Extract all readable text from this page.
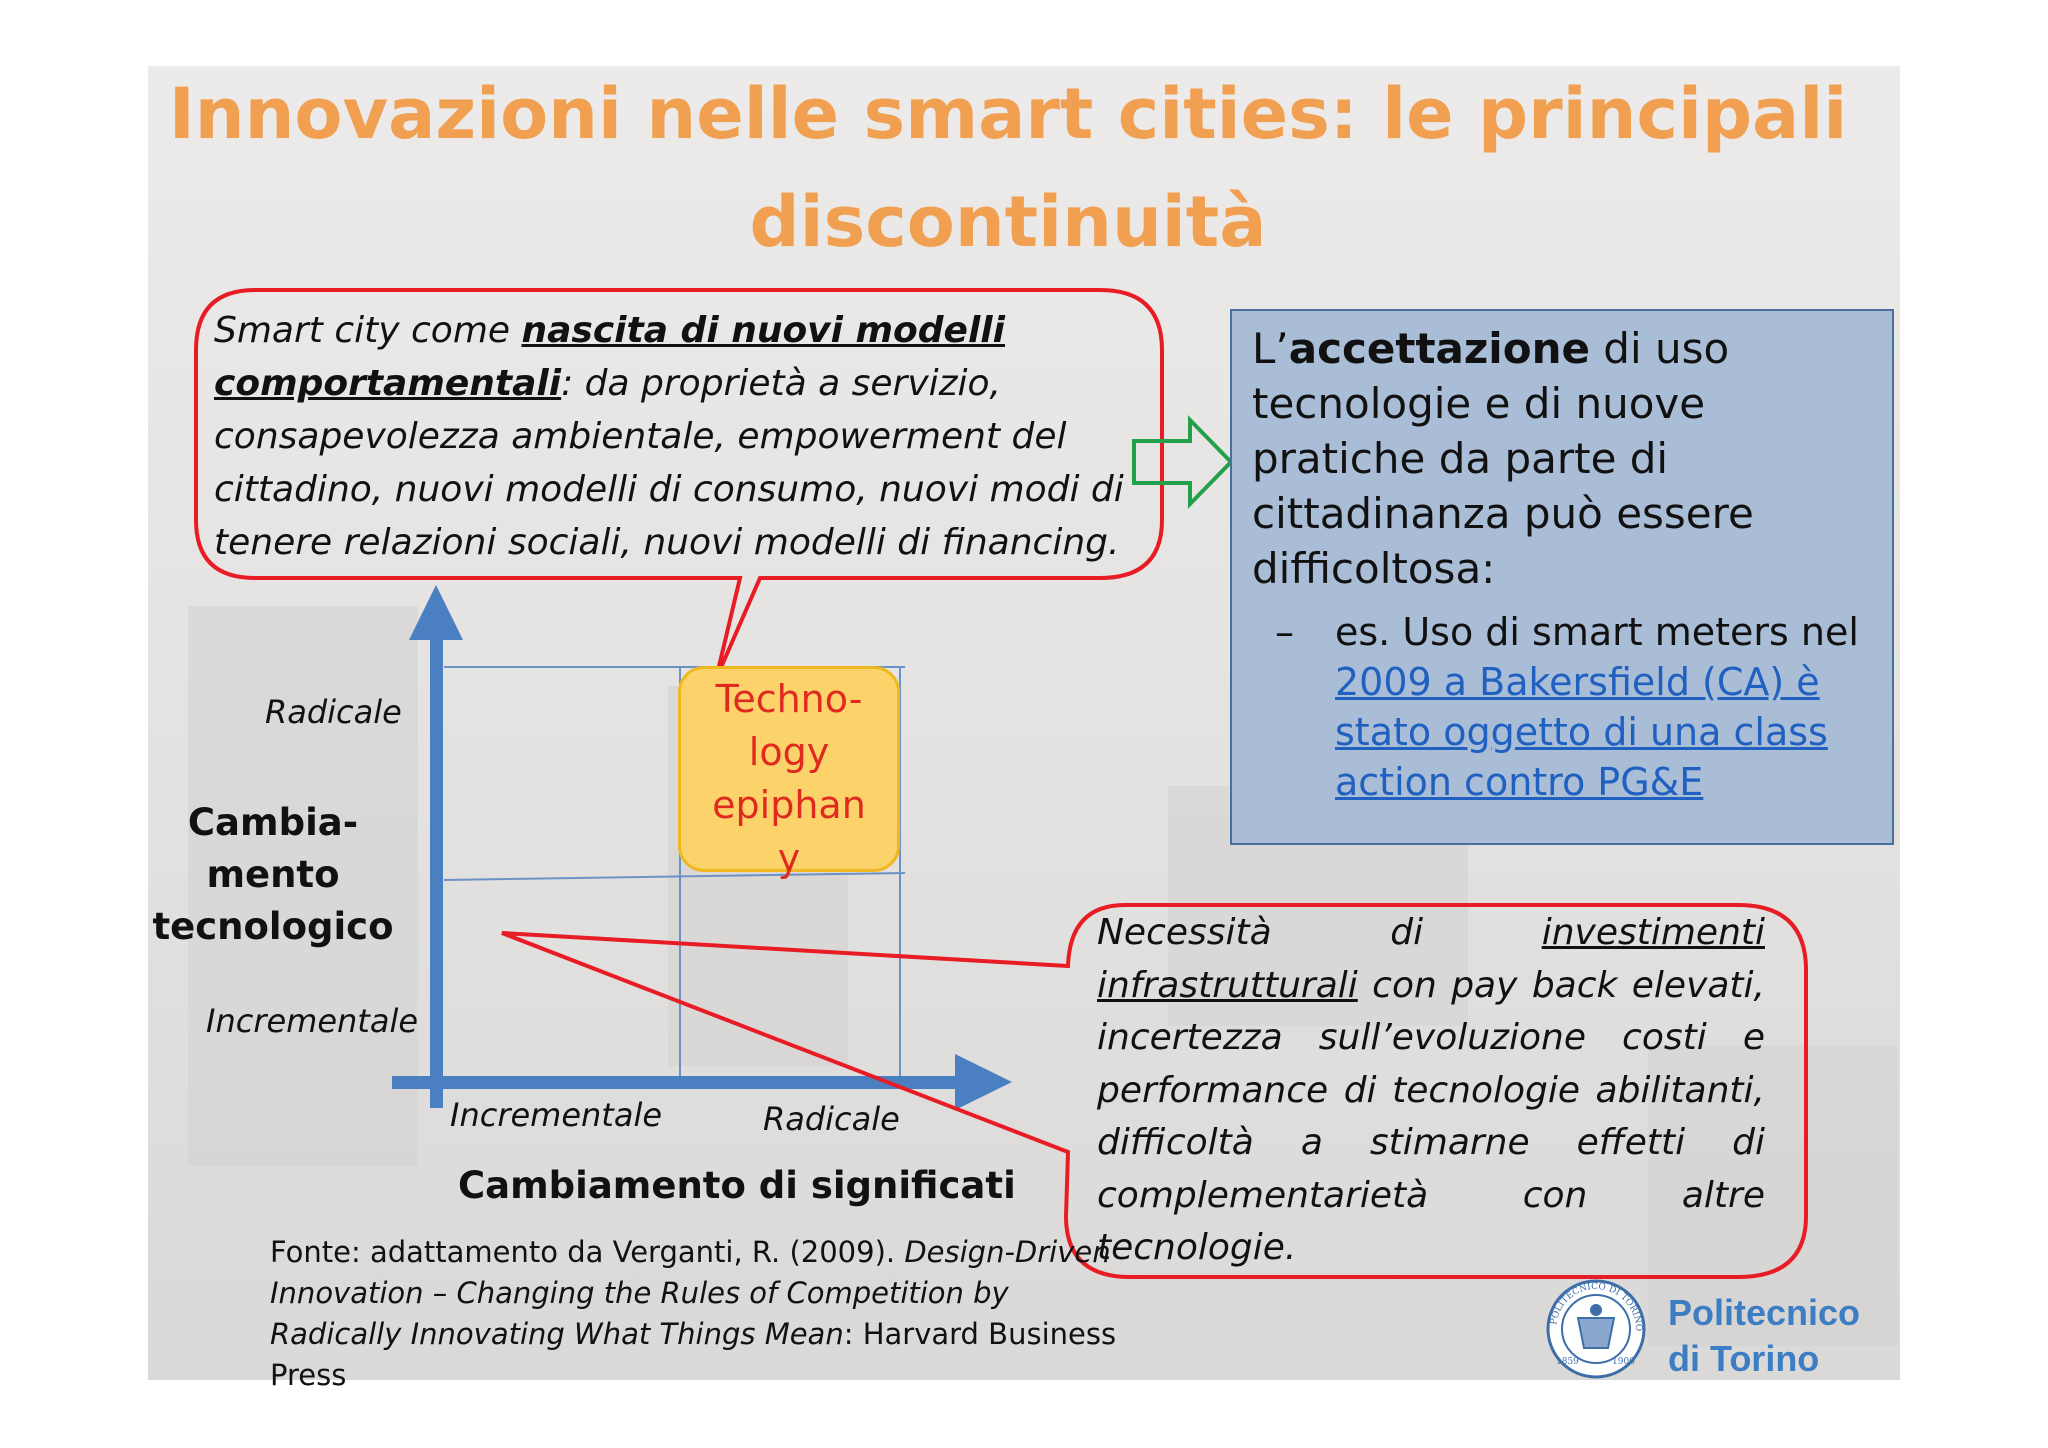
Innovazioni nelle smart cities: le principali
discontinuità
POLITECNICO DI TORINO
1859	1906
Smart city come nascita di nuovi modelli
comportamentali: da proprietà a servizio, consapevolezza ambientale, empowerment del cittadino, nuovi modelli di consumo, nuovi modi di tenere relazioni sociali, nuovi modelli di financing.
L’accettazione di uso tecnologie e di nuove pratiche da parte di cittadinanza può essere difficoltosa:
– es. Uso di smart meters nel 2009 a Bakersfield (CA) è stato oggetto di una class action contro PG&E
Radicale
Cambia-
mento
tecnologico
Incrementale
Incrementale	Radicale
Cambiamento di significati
Techno-
logy
epiphan
y
Necessità	di	investimenti infrastrutturali con pay back elevati, incertezza sull’evoluzione costi e performance di tecnologie abilitanti, difficoltà a stimarne effetti di complementarietà con altre
tecnologie.
Fonte: adattamento da Verganti, R. (2009). Design-Driven Innovation – Changing the Rules of Competition by Radically Innovating What Things Mean: Harvard Business Press
Politecnico
di Torino
